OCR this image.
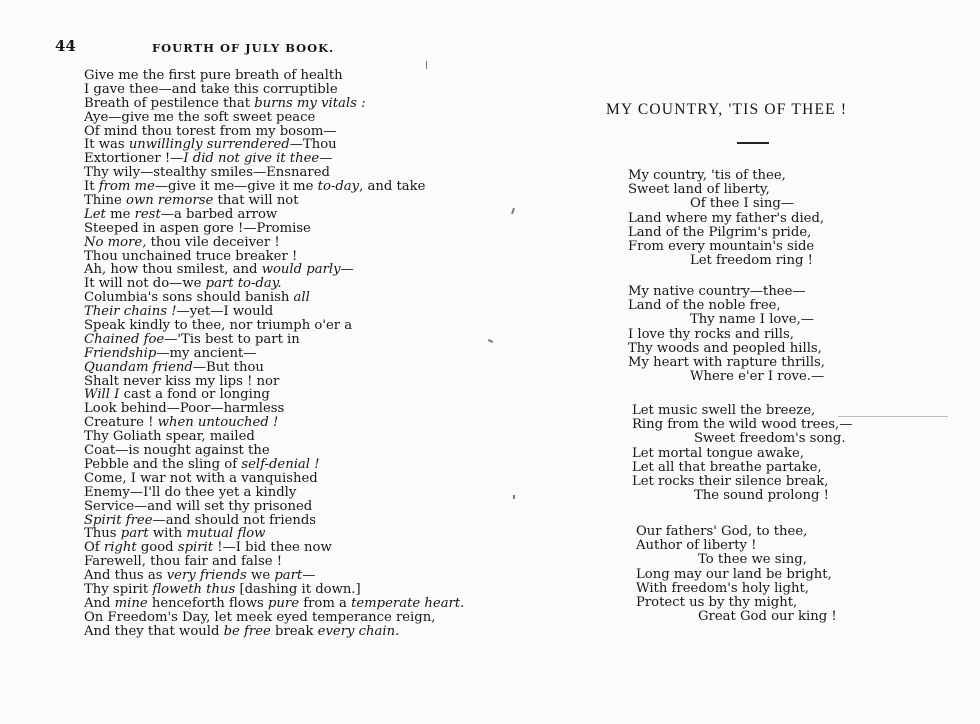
44	FOURTH OF JULY BOOK.
Give me the first pure breath of health
I gave thee—and take this corruptible
Breath of pestilence that burns my vitals :
Aye—give me the soft sweet peace
Of mind thou torest from my bosom—
It was unwillingly surrendered—Thou
Extortioner !—I did not give it thee—
Thy wily—stealthy smiles—Ensnared
It from me—give it me—give it me to-day, and take
Thine own remorse that will not
Let me rest—a barbed arrow
Steeped in aspen gore !—Promise
No more, thou vile deceiver !
Thou unchained truce breaker !
Ah, how thou smilest, and would parly—
It will not do—we part to-day.
Columbia's sons should banish all
Their chains !—yet—I would
Speak kindly to thee, nor triumph o'er a
Chained foe—'Tis best to part in
Friendship—my ancient—
Quandam friend—But thou
Shalt never kiss my lips ! nor
Will I cast a fond or longing
Look behind—Poor—harmless
Creature ! when untouched !
Thy Goliath spear, mailed
Coat—is nought against the
Pebble and the sling of self-denial !
Come, I war not with a vanquished
Enemy—I'll do thee yet a kindly
Service—and will set thy prisoned
Spirit free—and should not friends
Thus part with mutual flow
Of right good spirit !—I bid thee now
Farewell, thou fair and false !
And thus as very friends we part—
Thy spirit floweth thus [dashing it down.]
And mine henceforth flows pure from a temperate heart.
On Freedom's Day, let meek eyed temperance reign,
And they that would be free break every chain.
MY COUNTRY, 'TIS OF THEE !
My country, 'tis of thee,
Sweet land of liberty,
Of thee I sing—
Land where my father's died,
Land of the Pilgrim's pride,
From every mountain's side
Let freedom ring !
My native country—thee—
Land of the noble free,
Thy name I love,—
I love thy rocks and rills,
Thy woods and peopled hills,
My heart with rapture thrills,
Where e'er I rove.—
Let music swell the breeze,
Ring from the wild wood trees,—
Sweet freedom's song.
Let mortal tongue awake,
Let all that breathe partake,
Let rocks their silence break,
The sound prolong !
Our fathers' God, to thee,
Author of liberty !
To thee we sing,
Long may our land be bright,
With freedom's holy light,
Protect us by thy might,
Great God our king !
